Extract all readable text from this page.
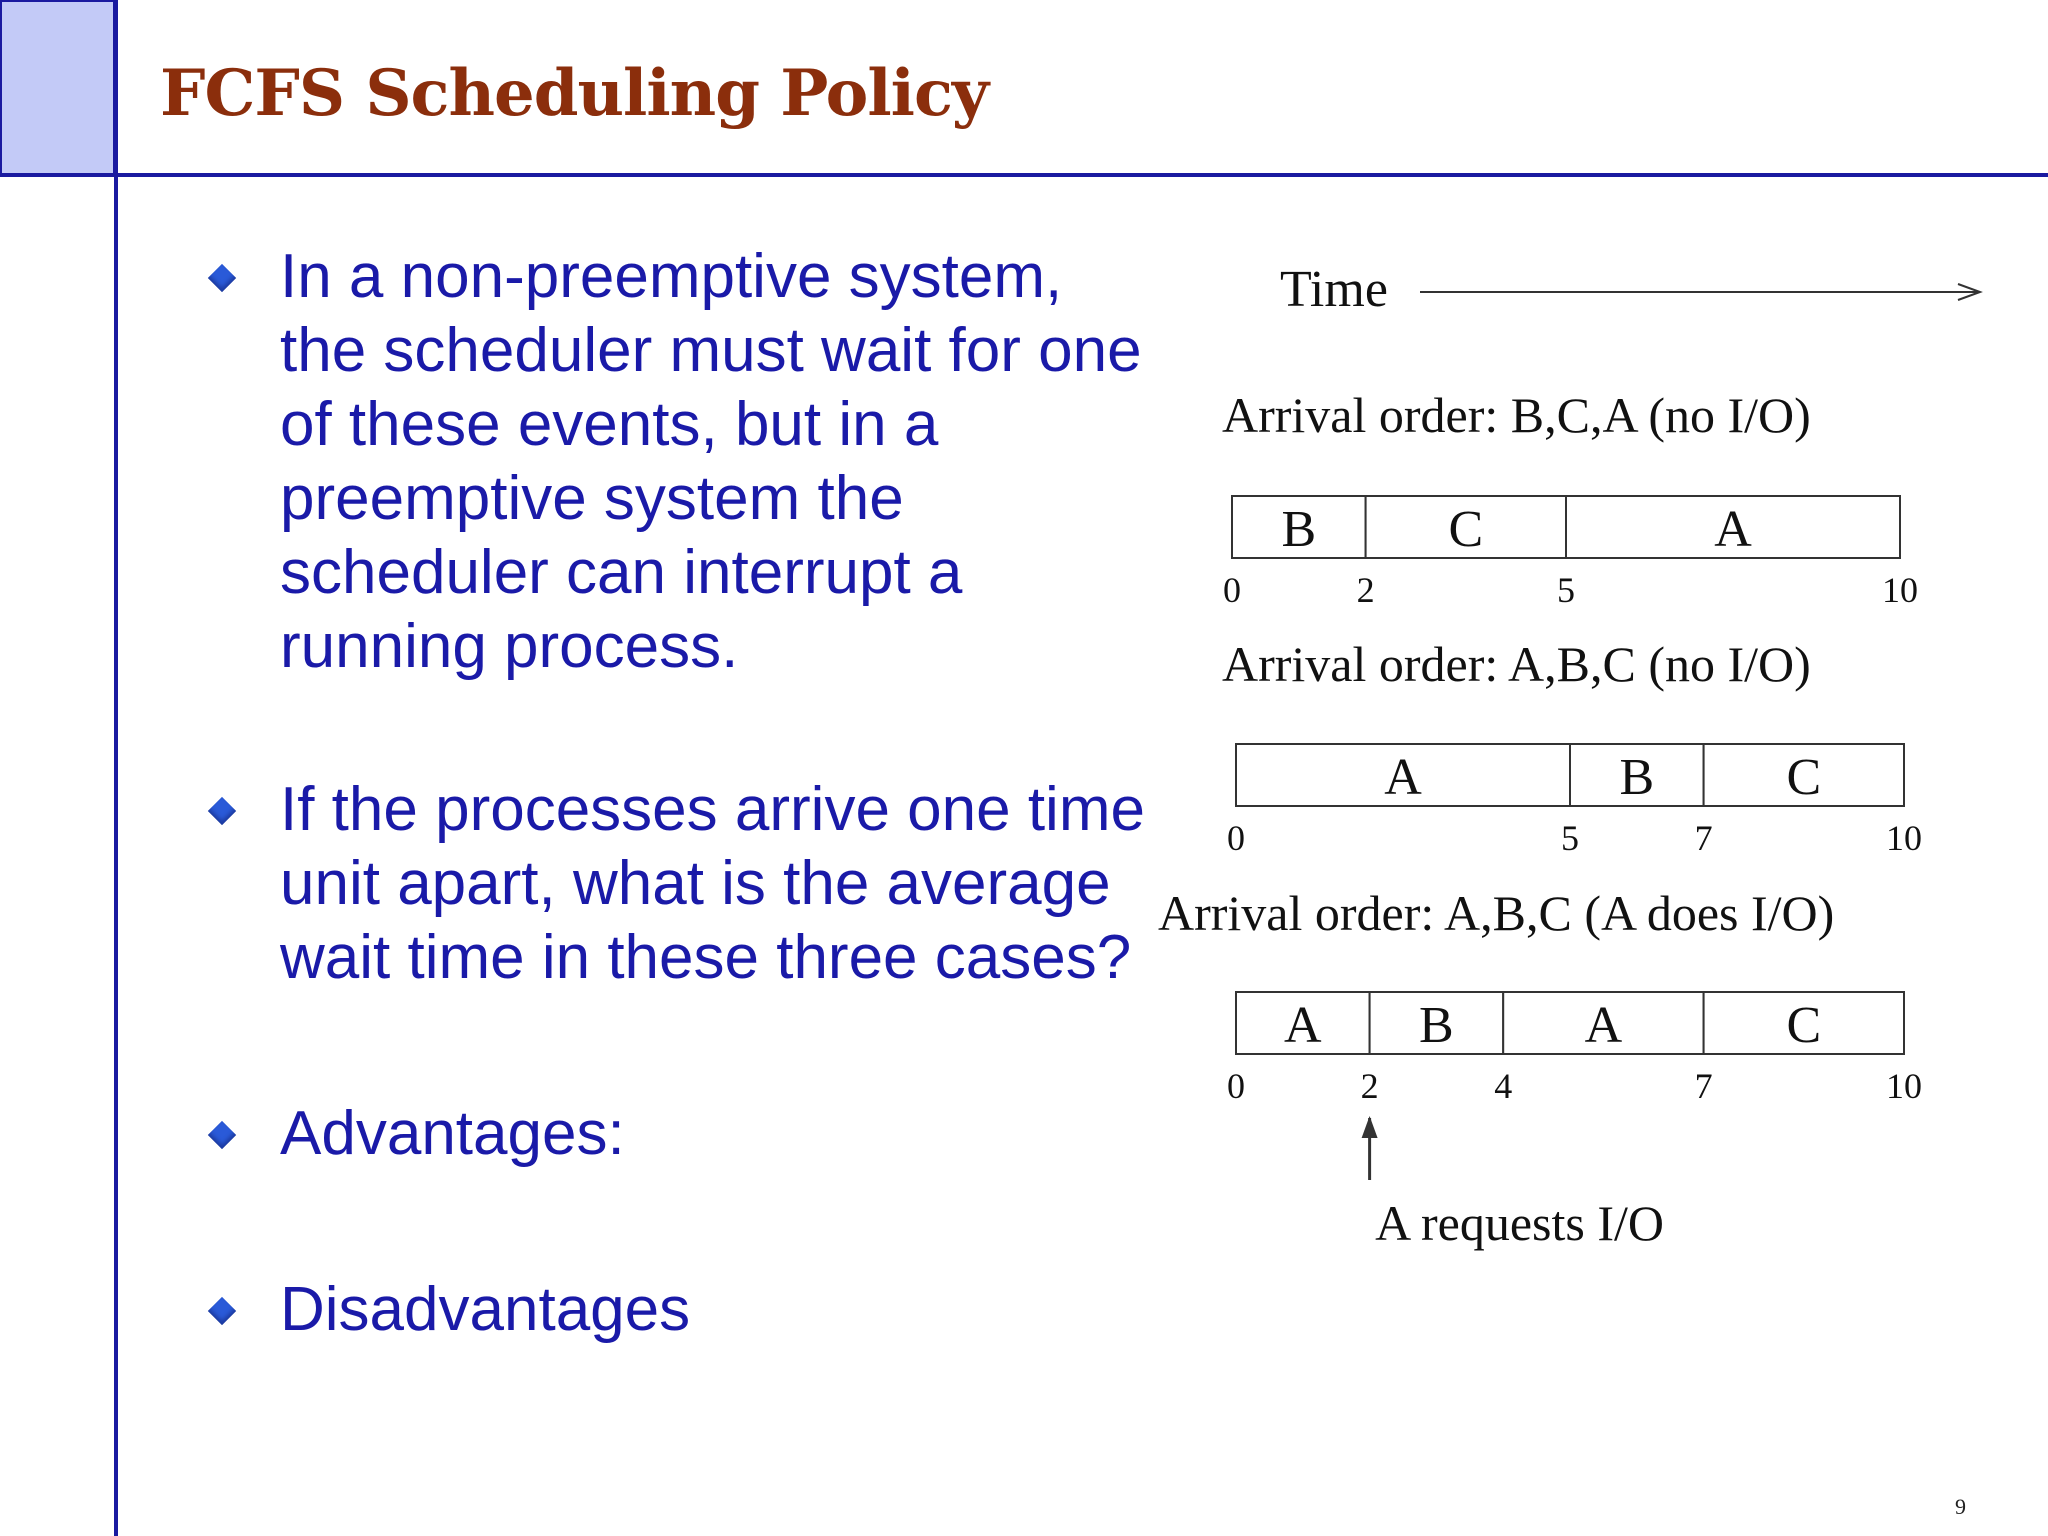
FCFS Scheduling Policy
In a non-preemptive system, the scheduler must wait for one of these events, but in a preemptive system the scheduler can interrupt a running process.
If the processes arrive one time unit apart, what is the average wait time in these three cases?
Advantages:
Disadvantages
Time
Arrival order: B,C,A (no I/O)
B	C	A
0	2	5	10
Arrival order: A,B,C (no I/O)
A	B	C
0	5	7	10
Arrival order: A,B,C (A does I/O)
A B	A	C
0	2	4	7	10
A requests I/O
9
